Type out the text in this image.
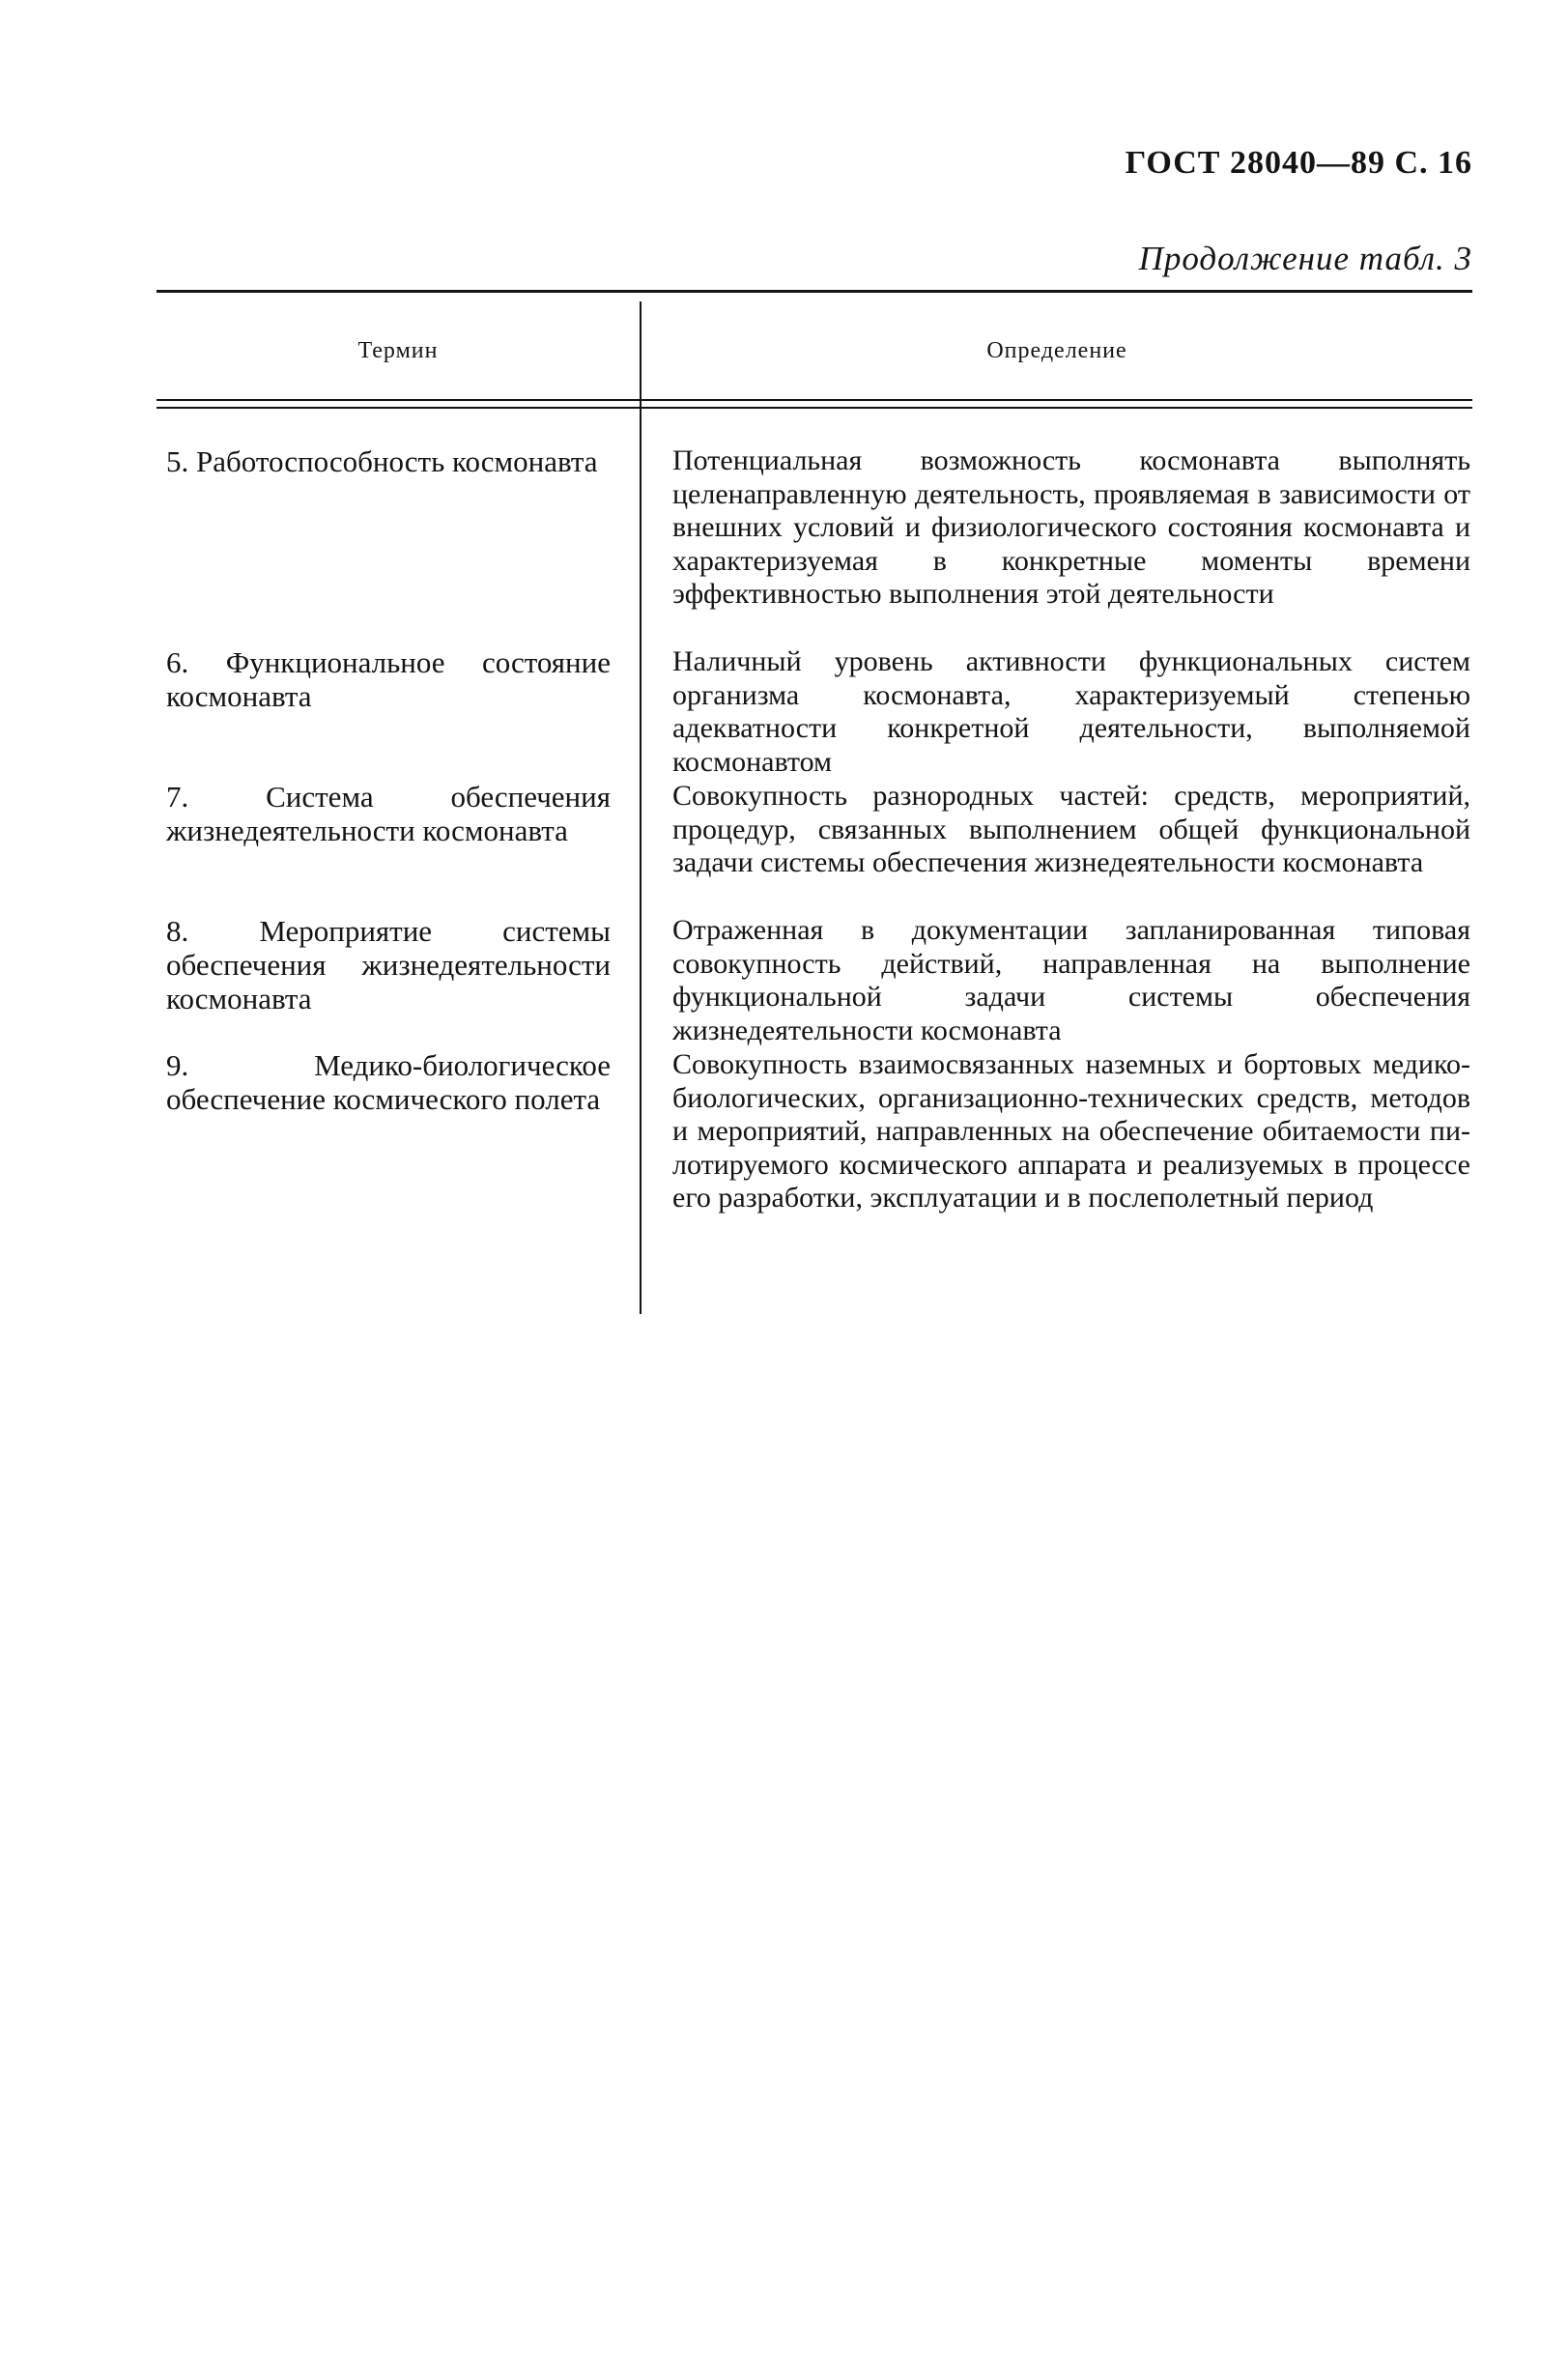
ГОСТ 28040—89 С. 16
Продолжение табл. 3
Термин	Определение
5. Работоспособность космонавта	Потенциальная возможность космонавта выполнять целенаправленную деятельность, проявляемая в зависимости от внешних условий и физиологического состояния космонавта и характеризуемая в конкретные моменты времени эффективностью выполнения этой деятельности
6. Функциональное состояние космонавта
Наличный уровень активности функциональных систем организма космонавта, характеризуемый степенью адекватности конкретной деятельности, выполняемой космонавтом
7. Система обеспечения жизнедеятельности космонавта
Совокупность разнородных частей: средств, мероприятий, процедур, связанных выполнением общей функциональной задачи системы обеспечения жизнедеятельности космонавта
8. Мероприятие системы обеспечения жизнедеятельности космонавта
Отраженная в документации запланированная типовая совокупность действий, направленная на выполнение функциональной задачи системы обеспечения жизнедеятельности космонавта
9. Медико-биологическое обеспечение космического полета
Совокупность взаимосвязанных наземных и бортовых медико-биологических, организационно-технических средств, методов и мероприятий, направленных на обеспечение обитаемости пилотируемого космического аппарата и реализуемых в процессе его разработки, эксплуатации и в послеполетный период
